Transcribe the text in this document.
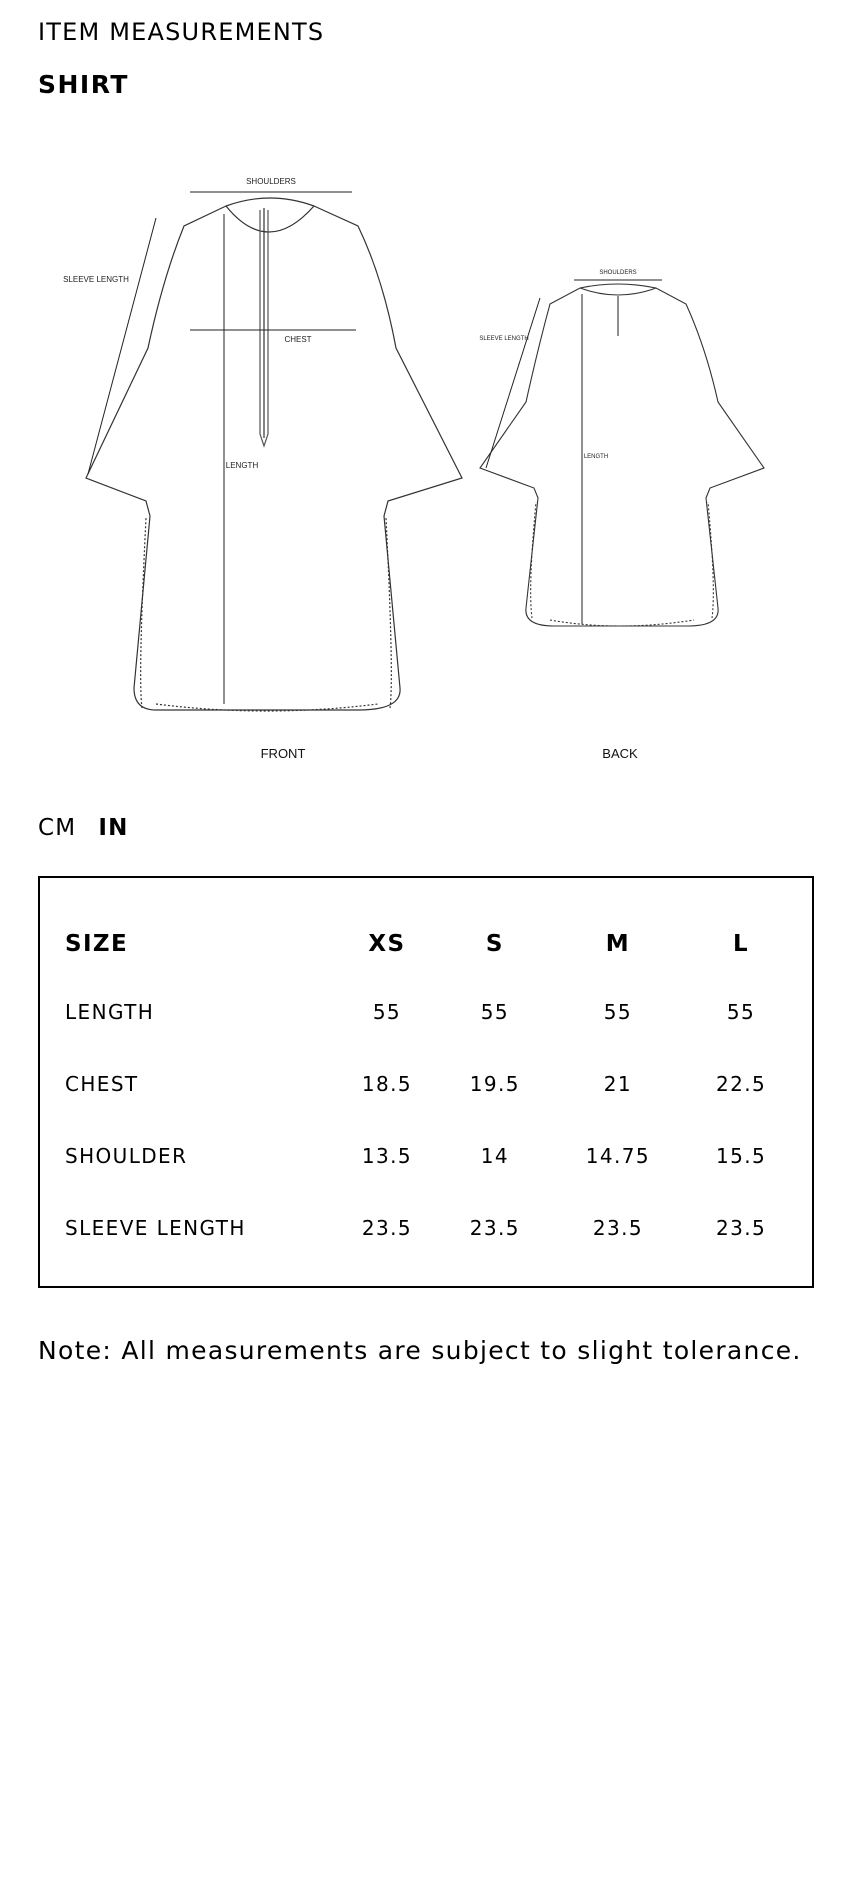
ITEM MEASUREMENTS
SHIRT
SHOULDERS
CHEST
LENGTH
SLEEVE LENGTH
FRONT
SHOULDERS
LENGTH
SLEEVE LENGTH
BACK
CM IN
SIZE	XS	S	M	L
LENGTH	55	55	55	55
CHEST	18.5	19.5	21	22.5
SHOULDER	13.5	14	14.75	15.5
SLEEVE LENGTH	23.5	23.5	23.5	23.5
Note: All measurements are subject to slight tolerance.
